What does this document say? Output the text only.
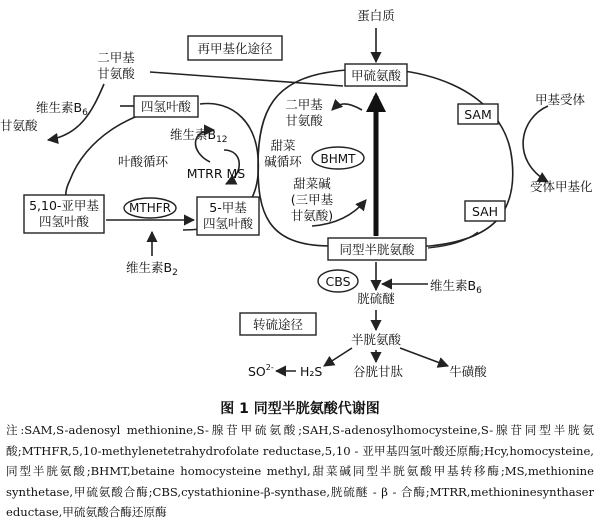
蛋白质
甲硫氨酸
SAM
SAH
甲基受体
受体甲基化
同型半胱氨酸
CBS	维生素$B_6$
胱硫醚
半胱氨酸
转硫途径
谷胱甘肽	牛磺酸
H₂S
$SO^{2-}$
再甲基化途径
二甲基
甘氨酸
维生素$B_6$
甘氨酸
四氢叶酸
维生素$B_{12}$
叶酸循环
MTRR MS
5,10-亚甲基
四氢叶酸
MTHFR	5-甲基
四氢叶酸
维生素$B_2$
二甲基
甘氨酸
甜菜
碱循环 BHMT
甜菜碱
(三甲基
甘氨酸)
图 1 同型半胱氨酸代谢图
注:SAM,S-adenosyl methionine,S-腺苷甲硫氨酸;SAH,S-adenosylhomocysteine,S-腺苷同型半胱氨酸;MTHFR,5,10-methylenetetrahydrofolate reductase,5,10 - 亚甲基四氢叶酸还原酶;Hcy,homocysteine,同型半胱氨酸;BHMT,betaine homocysteine methyl,甜菜碱同型半胱氨酸甲基转移酶;MS,methionine synthetase,甲硫氨酸合酶;CBS,cystathionine-β-synthase,胱硫醚 - β - 合酶;MTRR,methioninesynthaser eductase,甲硫氨酸合酶还原酶
